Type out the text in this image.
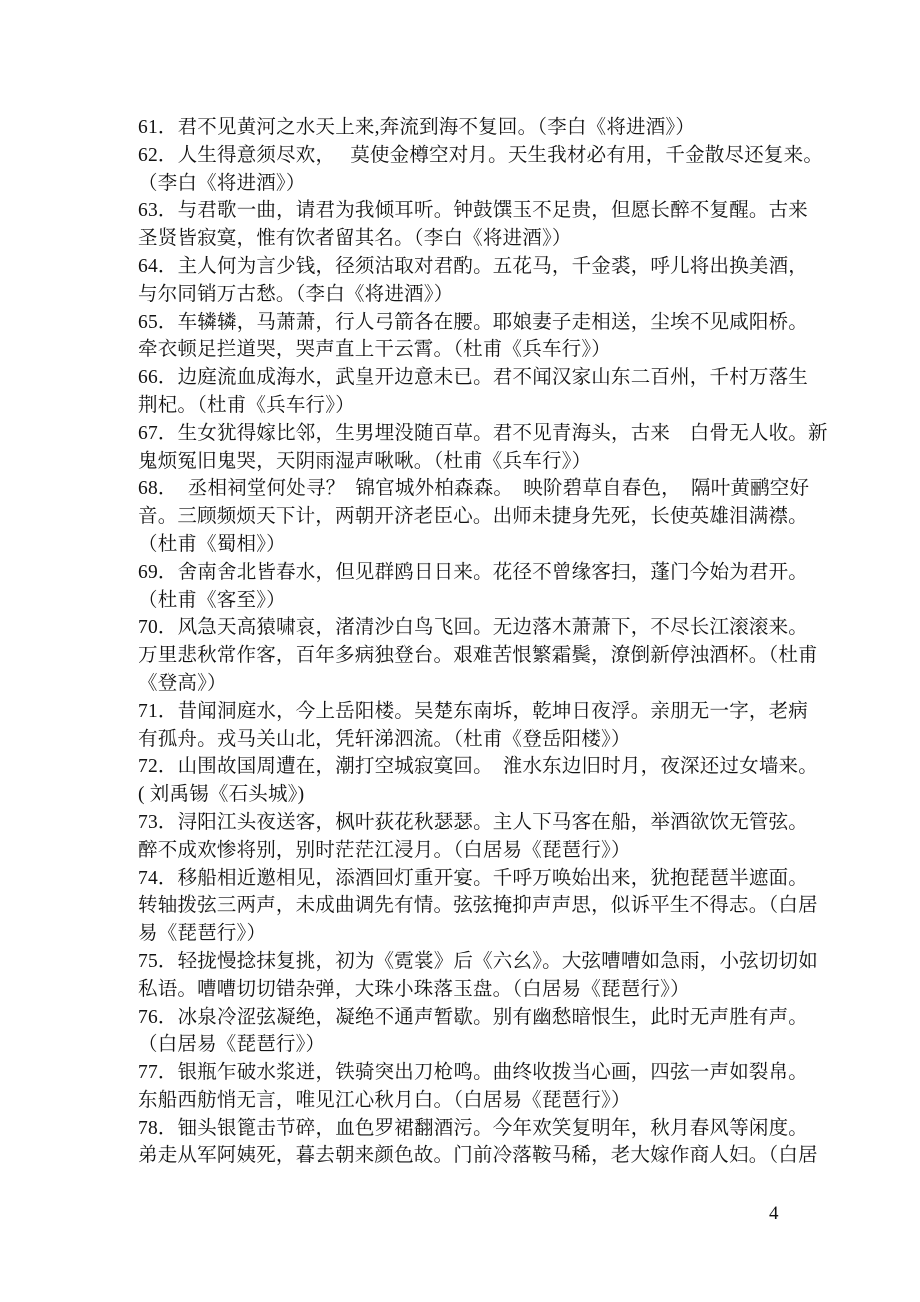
61．君不见黄河之水天上来,奔流到海不复回。（李白《将进酒》）
62．人生得意须尽欢，　 莫使金樽空对月。天生我材必有用，千金散尽还复来。
（李白《将进酒》）
63．与君歌一曲，请君为我倾耳听。钟鼓馔玉不足贵，但愿长醉不复醒。古来
圣贤皆寂寞，惟有饮者留其名。（李白《将进酒》）
64．主人何为言少钱，径须沽取对君酌。五花马，千金裘，呼儿将出换美酒，
与尔同销万古愁。（李白《将进酒》）
65．车辚辚，马萧萧，行人弓箭各在腰。耶娘妻子走相送，尘埃不见咸阳桥。
牵衣顿足拦道哭，哭声直上干云霄。（杜甫《兵车行》）
66．边庭流血成海水，武皇开边意未已。君不闻汉家山东二百州，千村万落生
荆杞。（杜甫《兵车行》）
67．生女犹得嫁比邻，生男埋没随百草。君不见青海头，古来　白骨无人收。新
鬼烦冤旧鬼哭，天阴雨湿声啾啾。（杜甫《兵车行》）
68．  丞相祠堂何处寻？  锦官城外柏森森。  映阶碧草自春色，  隔叶黄鹂空好
音。三顾频烦天下计，两朝开济老臣心。出师未捷身先死，长使英雄泪满襟。
（杜甫《蜀相》）
69．舍南舍北皆春水，但见群鸥日日来。花径不曾缘客扫，蓬门今始为君开。
（杜甫《客至》）
70．风急天高猿啸哀，渚清沙白鸟飞回。无边落木萧萧下，不尽长江滚滚来。
万里悲秋常作客，百年多病独登台。艰难苦恨繁霜鬓，潦倒新停浊酒杯。（杜甫
《登高》）
71．昔闻洞庭水，今上岳阳楼。吴楚东南坼，乾坤日夜浮。亲朋无一字，老病
有孤舟。戎马关山北，凭轩涕泗流。（杜甫《登岳阳楼》）
72．山围故国周遭在，潮打空城寂寞回。　淮水东边旧时月，夜深还过女墙来。
( 刘禹锡《石头城》)
73．浔阳江头夜送客，枫叶荻花秋瑟瑟。主人下马客在船，举酒欲饮无管弦。
醉不成欢惨将别，别时茫茫江浸月。（白居易《琵琶行》）
74．移船相近邀相见，添酒回灯重开宴。千呼万唤始出来，犹抱琵琶半遮面。
转轴拨弦三两声，未成曲调先有情。弦弦掩抑声声思，似诉平生不得志。（白居
易《琵琶行》）
75．轻拢慢捻抹复挑，初为《霓裳》后《六幺》。大弦嘈嘈如急雨，小弦切切如
私语。嘈嘈切切错杂弹，大珠小珠落玉盘。（白居易《琵琶行》）
76．冰泉冷涩弦凝绝，凝绝不通声暂歇。别有幽愁暗恨生，此时无声胜有声。
（白居易《琵琶行》）
77．银瓶乍破水浆迸，铁骑突出刀枪鸣。曲终收拨当心画，四弦一声如裂帛。
东船西舫悄无言，唯见江心秋月白。（白居易《琵琶行》）
78．钿头银篦击节碎，血色罗裙翻酒污。今年欢笑复明年，秋月春风等闲度。
弟走从军阿姨死，暮去朝来颜色故。门前冷落鞍马稀，老大嫁作商人妇。（白居
4
